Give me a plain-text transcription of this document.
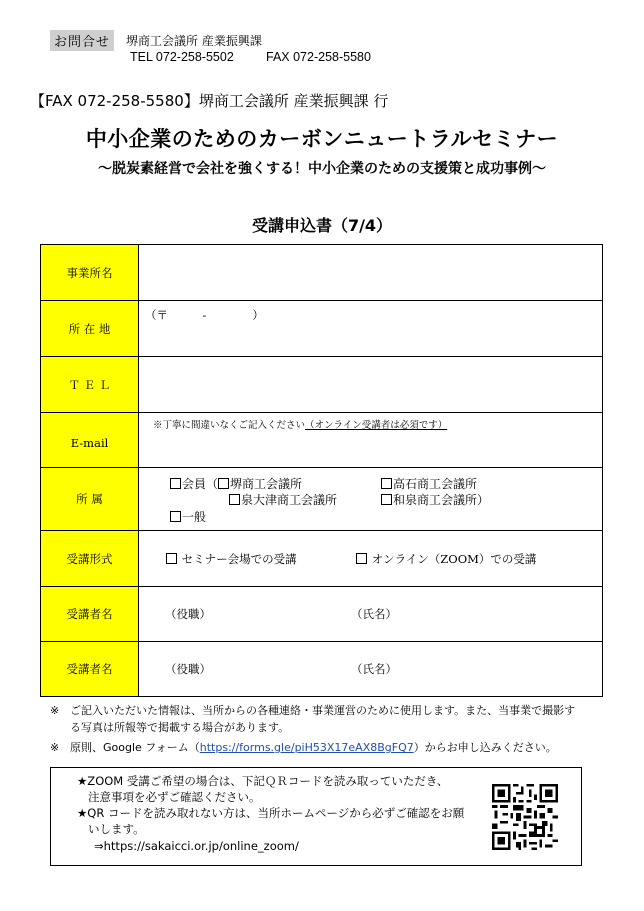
お問合せ	堺商工会議所 産業振興課
TEL 072-258-5502	FAX 072-258-5580
【FAX 072-258-5580】堺商工会議所 産業振興課 行
中小企業のためのカーボンニュートラルセミナー
～脱炭素経営で会社を強くする！中小企業のための支援策と成功事例～
受講申込書（7/4）
事業所名	
所 在 地	（〒　　　-　　　　）

Ｔ Ｅ Ｌ	
E-mail	※丁寧に間違いなくご記入ください（オンライン受講者は必須です）

所 属	会員（ 堺商工会議所 高石商工会議所
泉大津商工会議所 和泉商工会議所）
一般

受講形式	セミナー会場での受講 オンライン（ZOOM）での受講

受講者名	（役職） （氏名）

受講者名	（役職） （氏名）
※ ご記入いただいた情報は、当所からの各種連絡・事業運営のために使用します。また、当事業で撮影す
る写真は所報等で掲載する場合があります。
※ 原則、Google フォーム（https://forms.gle/piH53X17eAX8BgFQ7）からお申し込みください。
★ZOOM 受講ご希望の場合は、下記ＱＲコードを読み取っていただき、
注意事項を必ずご確認ください。
★QR コードを読み取れない方は、当所ホームページから必ずご確認をお願
いします。
⇒https://sakaicci.or.jp/online_zoom/
